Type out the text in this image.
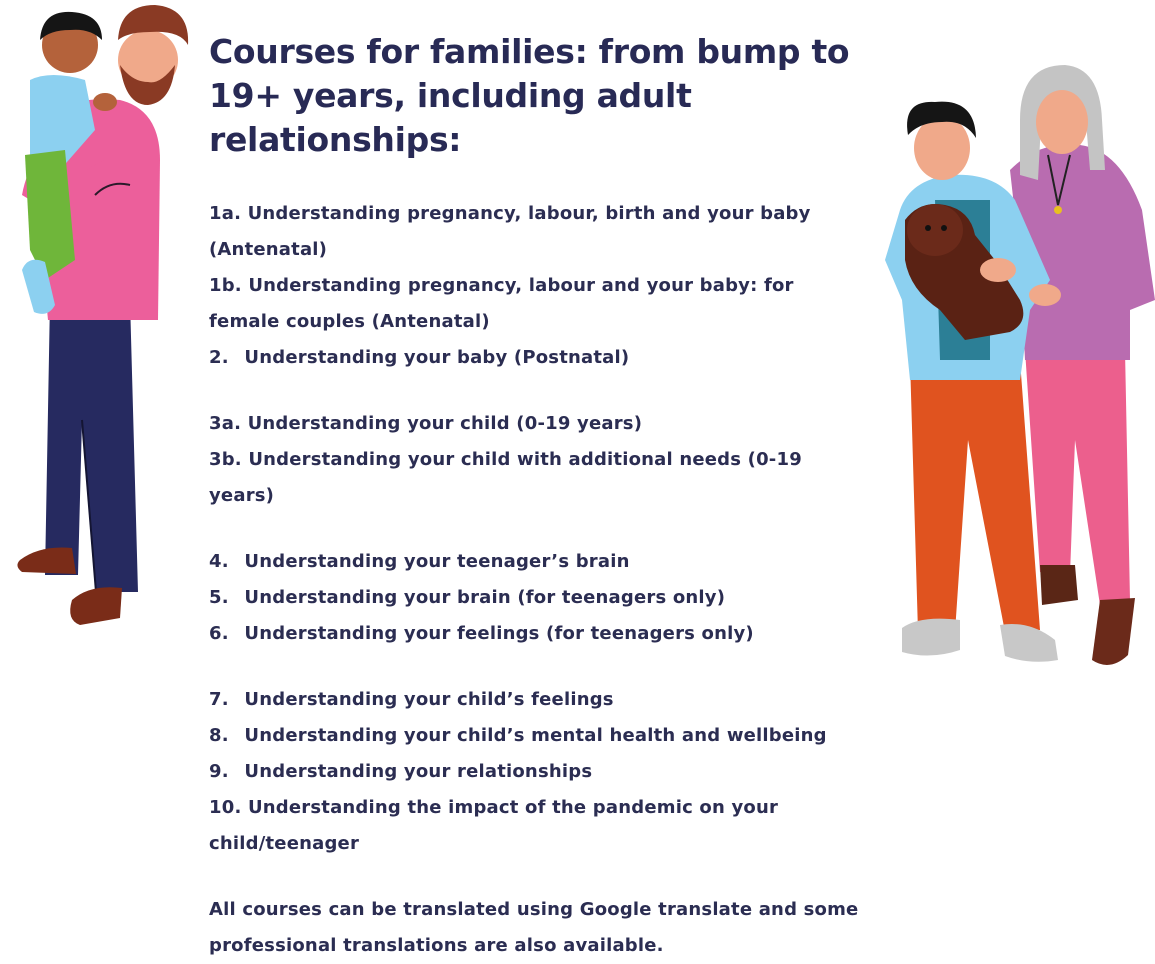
Courses for families: from bump to 19+ years, including adult relationships:
1a. Understanding pregnancy, labour, birth and your baby (Antenatal)
1b. Understanding pregnancy, labour and your baby: for female couples (Antenatal)
2.  Understanding your baby (Postnatal)
3a. Understanding your child (0-19 years)
3b. Understanding your child with additional needs (0-19 years)
4.  Understanding your teenager’s brain
5.  Understanding your brain (for teenagers only)
6.  Understanding your feelings (for teenagers only)
7.  Understanding your child’s feelings
8.  Understanding your child’s mental health and wellbeing
9.  Understanding your relationships
10. Understanding the impact of the pandemic on your child/teenager

All courses can be translated using Google translate and some professional translations are also available.
